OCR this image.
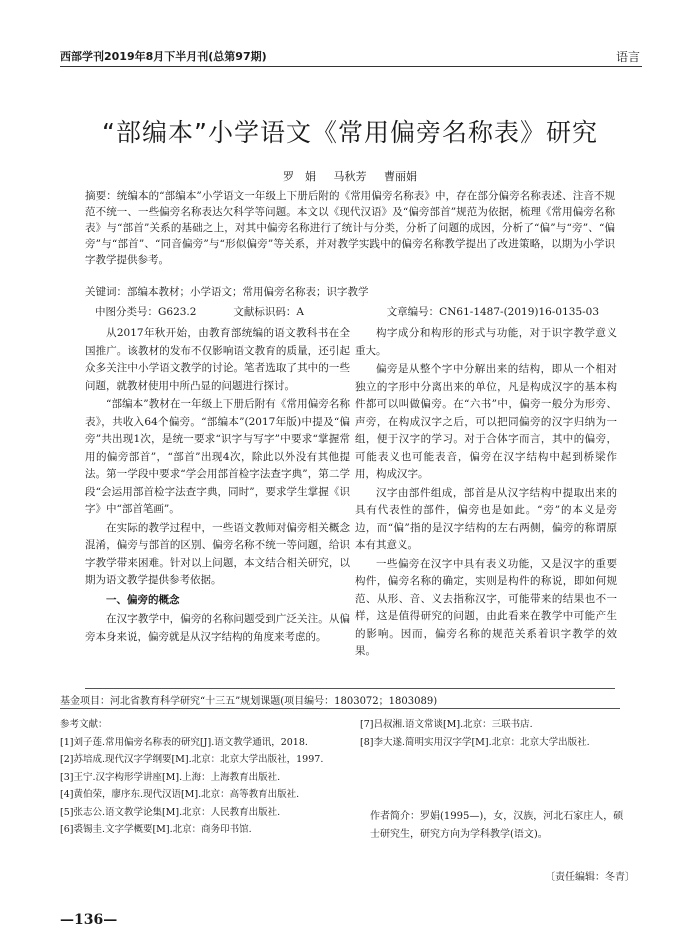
西部学刊2019年8月下半月刊(总第97期)	语言
“部编本”小学语文《常用偏旁名称表》研究
罗　娟 马秋芳 曹丽娟
摘要：统编本的“部编本”小学语文一年级上下册后附的《常用偏旁名称表》中，存在部分偏旁名称表述、注音不规范不统一、一些偏旁名称表达欠科学等问题。本文以《现代汉语》及“偏旁部首”规范为依据，梳理《常用偏旁名称表》与“部首”关系的基础之上，对其中偏旁名称进行了统计与分类，分析了问题的成因，分析了“偏”与“旁”、“偏旁”与“部首”、“同音偏旁”与“形似偏旁”等关系，并对教学实践中的偏旁名称教学提出了改进策略，以期为小学识字教学提供参考。
关键词：部编本教材；小学语文；常用偏旁名称表；识字教学
中图分类号：G623.2	文献标识码：A	文章编号：CN61-1487-(2019)16-0135-03

从2017年秋开始，由教育部统编的语文教科书在全国推广。该教材的发布不仅影响语文教育的质量，还引起众多关注中小学语文教学的讨论。笔者选取了其中的一些问题，就教材使用中所凸显的问题进行探讨。

“部编本”教材在一年级上下册后附有《常用偏旁名称表》，共收入64个偏旁。“部编本”(2017年版)中提及“偏旁”共出现1次，是统一要求“识字与写字”中要求“掌握常用的偏旁部首”，“部首”出现4次，除此以外没有其他提法。第一学段中要求“学会用部首检字法查字典”，第二学段“会运用部首检字法查字典，同时”，要求学生掌握《识字》中“部首笔画”。

在实际的教学过程中，一些语文教师对偏旁相关概念混淆，偏旁与部首的区别、偏旁名称不统一等问题，给识字教学带来困难。针对以上问题，本文结合相关研究，以期为语文教学提供参考依据。

一、偏旁的概念

在汉字教学中，偏旁的名称问题受到广泛关注。从偏旁本身来说，偏旁就是从汉字结构的角度来考虑的。

构字成分和构形的形式与功能，对于识字教学意义重大。

偏旁是从整个字中分解出来的结构，即从一个相对独立的字形中分离出来的单位，凡是构成汉字的基本构件都可以叫做偏旁。在“六书”中，偏旁一般分为形旁、声旁，在构成汉字之后，可以把同偏旁的汉字归纳为一组，便于汉字的学习。对于合体字而言，其中的偏旁，可能表义也可能表音，偏旁在汉字结构中起到桥梁作用，构成汉字。

汉字由部件组成，部首是从汉字结构中提取出来的具有代表性的部件，偏旁也是如此。“旁”的本义是旁边，而“偏”指的是汉字结构的左右两侧，偏旁的称谓原本有其意义。

一些偏旁在汉字中具有表义功能，又是汉字的重要构件，偏旁名称的确定，实则是构件的称说，即如何规范、从形、音、义去指称汉字，可能带来的结果也不一样，这是值得研究的问题，由此看来在教学中可能产生的影响。因而，偏旁名称的规范关系着识字教学的效果。

基金项目：河北省教育科学研究“十三五”规划课题(项目编号：1803072；1803089)
参考文献：
[1]刘子莲.常用偏旁名称表的研究[J].语文教学通讯，2018.
[2]苏培成.现代汉字学纲要[M].北京：北京大学出版社，1997.
[3]王宁.汉字构形学讲座[M].上海：上海教育出版社.
[4]黄伯荣，廖序东.现代汉语[M].北京：高等教育出版社.
[5]张志公.语文教学论集[M].北京：人民教育出版社.
[6]裘锡圭.文字学概要[M].北京：商务印书馆.
[7]吕叔湘.语文常谈[M].北京：三联书店.
[8]李大遂.简明实用汉字学[M].北京：北京大学出版社.
作者简介：罗娟(1995—)，女，汉族，河北石家庄人，硕士研究生，研究方向为学科教学(语文)。
〔责任编辑：冬青〕
—136—
